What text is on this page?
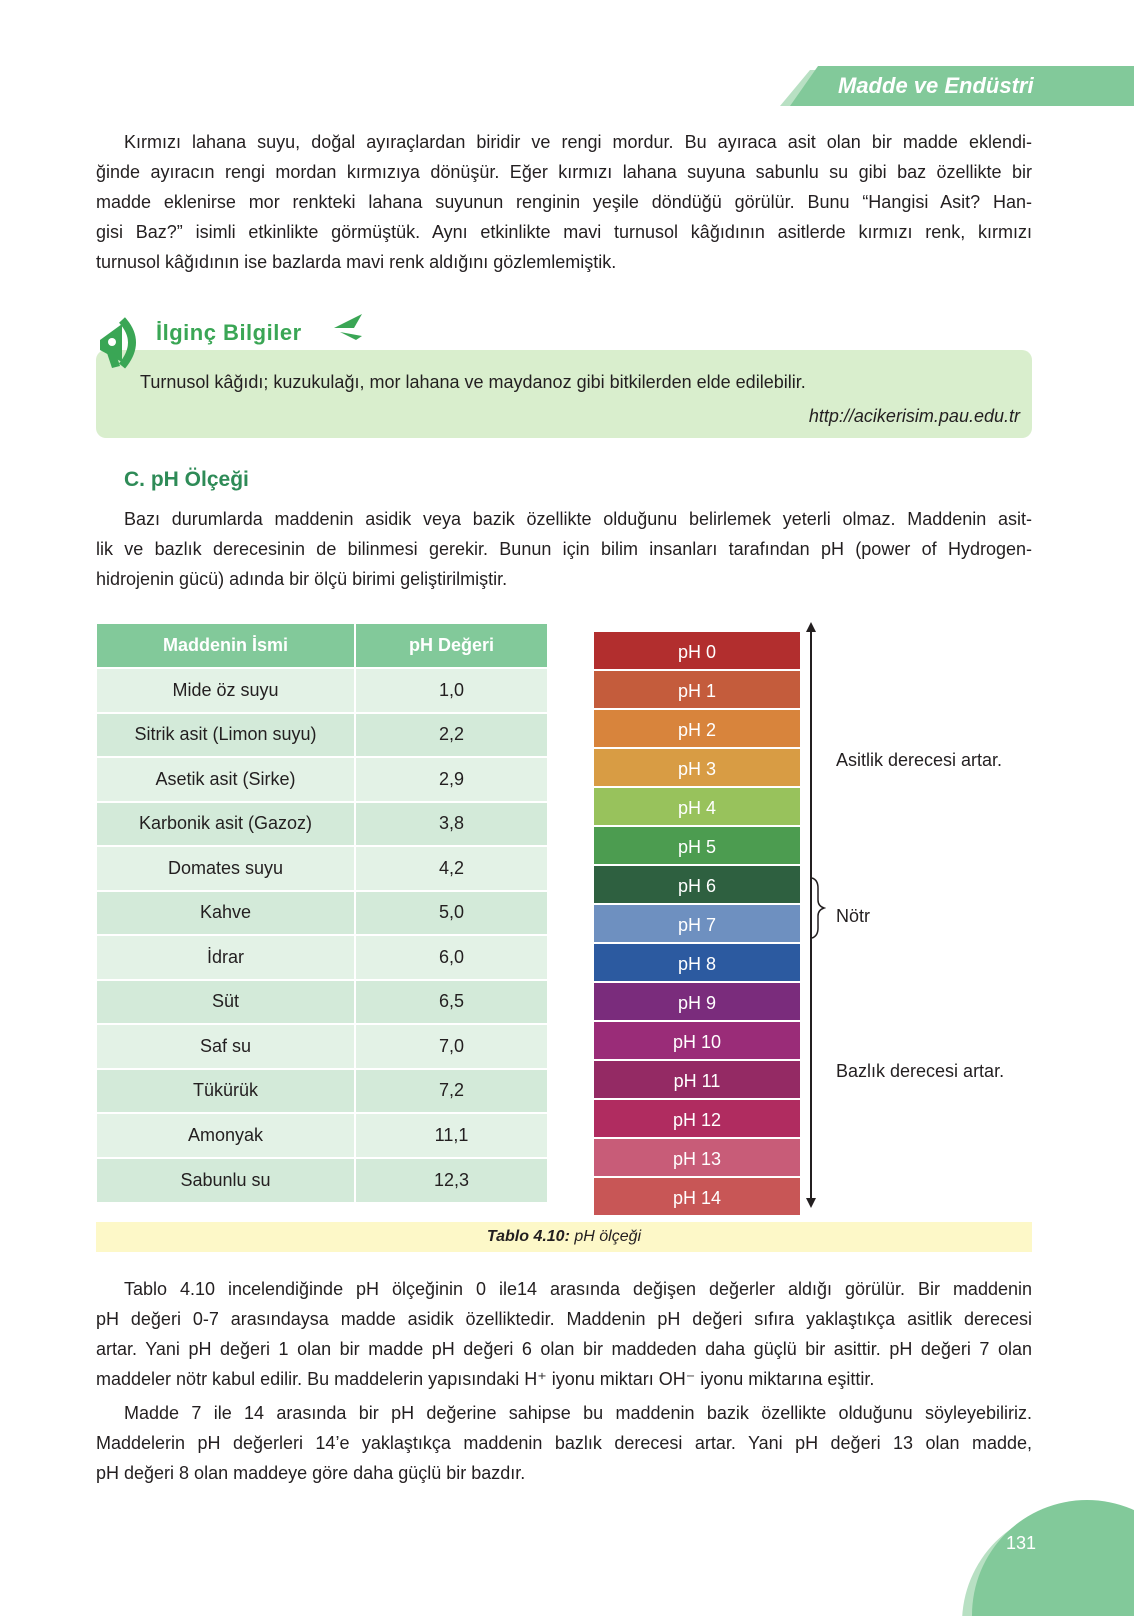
Madde ve Endüstri
Kırmızı lahana suyu, doğal ayıraçlardan biridir ve rengi mordur. Bu ayıraca asit olan bir madde eklendi-
ğinde ayıracın rengi mordan kırmızıya dönüşür. Eğer kırmızı lahana suyuna sabunlu su gibi baz özellikte bir
madde eklenirse mor renkteki lahana suyunun renginin yeşile döndüğü görülür. Bunu “Hangisi Asit? Han-
gisi Baz?” isimli etkinlikte görmüştük. Aynı etkinlikte mavi turnusol kâğıdının asitlerde kırmızı renk, kırmızı
turnusol kâğıdının ise bazlarda mavi renk aldığını gözlemlemiştik.
Turnusol kâğıdı; kuzukulağı, mor lahana ve maydanoz gibi bitkilerden elde edilebilir.
http://acikerisim.pau.edu.tr
İlginç Bilgiler
C. pH Ölçeği
Bazı durumlarda maddenin asidik veya bazik özellikte olduğunu belirlemek yeterli olmaz. Maddenin asit-
lik ve bazlık derecesinin de bilinmesi gerekir. Bunun için bilim insanları tarafından pH (power of Hydrogen-
hidrojenin gücü) adında bir ölçü birimi geliştirilmiştir.
Maddenin İsmi	pH Değeri
Mide öz suyu	1,0
Sitrik asit (Limon suyu)	2,2
Asetik asit (Sirke)	2,9
Karbonik asit (Gazoz)	3,8
Domates suyu	4,2
Kahve	5,0
İdrar	6,0
Süt	6,5
Saf su	7,0
Tükürük	7,2
Amonyak	11,1
Sabunlu su	12,3
pH 0
pH 1
pH 2
pH 3
pH 4
pH 5
pH 6
pH 7
pH 8
pH 9
pH 10
pH 11
pH 12
pH 13
pH 14
Asitlik derecesi artar.
Nötr
Bazlık derecesi artar.
Tablo 4.10: pH ölçeği
Tablo 4.10 incelendiğinde pH ölçeğinin 0 ile14 arasında değişen değerler aldığı görülür. Bir maddenin
pH değeri 0-7 arasındaysa madde asidik özelliktedir. Maddenin pH değeri sıfıra yaklaştıkça asitlik derecesi
artar. Yani pH değeri 1 olan bir madde pH değeri 6 olan bir maddeden daha güçlü bir asittir. pH değeri 7 olan
maddeler nötr kabul edilir. Bu maddelerin yapısındaki H⁺ iyonu miktarı OH⁻ iyonu miktarına eşittir.
Madde 7 ile 14 arasında bir pH değerine sahipse bu maddenin bazik özellikte olduğunu söyleyebiliriz.
Maddelerin pH değerleri 14’e yaklaştıkça maddenin bazlık derecesi artar. Yani pH değeri 13 olan madde,
pH değeri 8 olan maddeye göre daha güçlü bir bazdır.
131
